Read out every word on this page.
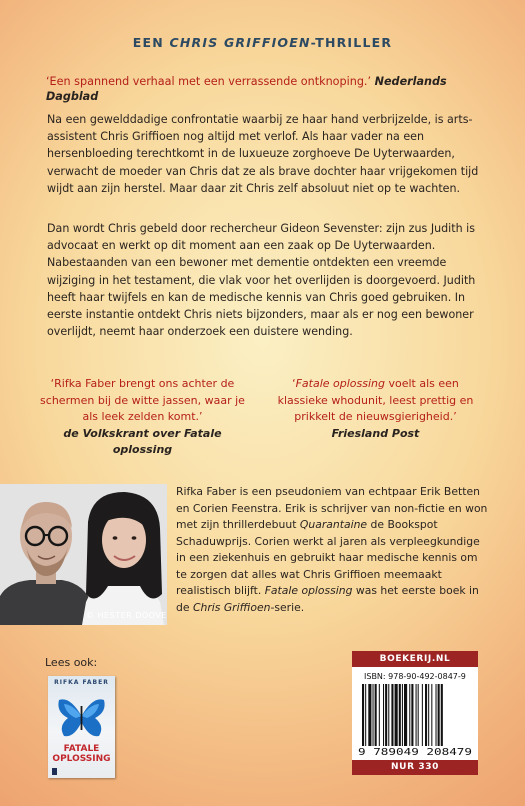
EEN CHRIS GRIFFIOEN-THRILLER
‘Een spannend verhaal met een verrassende ontknoping.’ Nederlands Dagblad

Na een gewelddadige confrontatie waarbij ze haar hand verbrijzelde, is arts-assistent Chris Griffioen nog altijd met verlof. Als haar vader na een hersenbloeding terechtkomt in de luxueuze zorghoeve De Uyterwaarden, verwacht de moeder van Chris dat ze als brave dochter haar vrijgekomen tijd wijdt aan zijn herstel. Maar daar zit Chris zelf absoluut niet op te wachten.

Dan wordt Chris gebeld door rechercheur Gideon Sevenster: zijn zus Judith is advocaat en werkt op dit moment aan een zaak op De Uyterwaarden. Nabestaanden van een bewoner met dementie ontdekten een vreemde wijziging in het testament, die vlak voor het overlijden is doorgevoerd. Judith heeft haar twijfels en kan de medische kennis van Chris goed gebruiken. In eerste instantie ontdekt Chris niets bijzonders, maar als er nog een bewoner overlijdt, neemt haar onderzoek een duistere wending.

‘Rifka Faber brengt ons achter de schermen bij de witte jassen, waar je als leek zelden komt.’
de Volkskrant over Fatale oplossing
‘Fatale oplossing voelt als een klassieke whodunit, leest prettig en prikkelt de nieuwsgierigheid.’
Friesland Post
© HESTER DOOVE

Rifka Faber is een pseudoniem van echtpaar Erik Betten en Corien Feenstra. Erik is schrijver van non-fictie en won met zijn thrillerdebuut Quarantaine de Bookspot Schaduwprijs. Corien werkt al jaren als verpleegkundige in een ziekenhuis en gebruikt haar medische kennis om te zorgen dat alles wat Chris Griffioen meemaakt realistisch blijft. Fatale oplossing was het eerste boek in de Chris Griffioen-serie.

Lees ook:
RIFKA FABER
FATALE
OPLOSSING
BOEKERIJ.NL
ISBN: 978-90-492-0847-9
9 789049 208479
NUR 330
